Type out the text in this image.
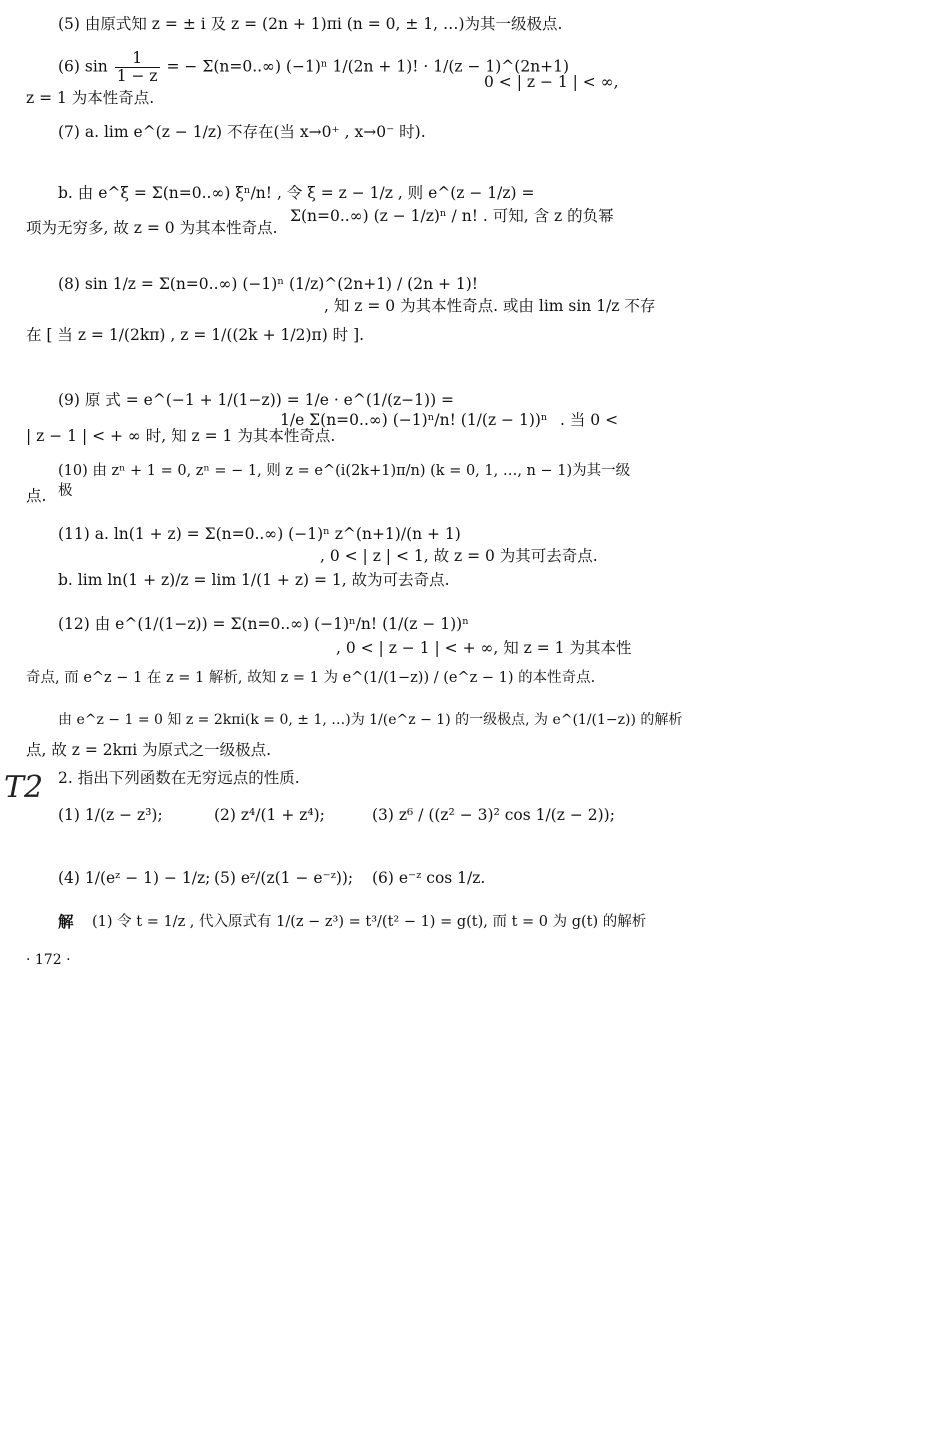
T2
(5) 由原式知 z = ± i 及 z = (2n + 1)πi (n = 0, ± 1, …)为其一级极点.
(6) $\sin \frac{1}{1 - z}$ = − Σ(n=0..∞) (−1)ⁿ 1/(2n + 1)! · 1/(z − 1)^(2n+1)
0 < | z − 1 | < ∞,
z = 1 为本性奇点.
(7) a. lim e^(z − 1/z) 不存在(当 x→0⁺ , x→0⁻ 时).
b. 由 e^ξ = Σ(n=0..∞) ξⁿ/n! , 令 ξ = z − 1/z , 则 e^(z − 1/z) =
Σ(n=0..∞) (z − 1/z)ⁿ / n! . 可知, 含 z 的负幂
项为无穷多, 故 z = 0 为其本性奇点.
(8) sin 1/z = Σ(n=0..∞) (−1)ⁿ (1/z)^(2n+1) / (2n + 1)!
, 知 z = 0 为其本性奇点. 或由 lim sin 1/z 不存
在 [ 当 z = 1/(2kπ) , z = 1/((2k + 1/2)π) 时 ].
(9) 原 式 = e^(−1 + 1/(1−z)) = 1/e · e^(1/(z−1)) =
1/e Σ(n=0..∞) (−1)ⁿ/n! (1/(z − 1))ⁿ . 当 0 <
| z − 1 | < + ∞ 时, 知 z = 1 为其本性奇点.
(10) 由 zⁿ + 1 = 0, zⁿ = − 1, 则 z = e^(i(2k+1)π/n) (k = 0, 1, …, n − 1)为其一级极
点.
(11) a. ln(1 + z) = Σ(n=0..∞) (−1)ⁿ z^(n+1)/(n + 1)
, 0 < | z | < 1, 故 z = 0 为其可去奇点.
b. lim ln(1 + z)/z = lim 1/(1 + z) = 1, 故为可去奇点.
(12) 由 e^(1/(1−z)) = Σ(n=0..∞) (−1)ⁿ/n! (1/(z − 1))ⁿ
, 0 < | z − 1 | < + ∞, 知 z = 1 为其本性
奇点, 而 e^z − 1 在 z = 1 解析, 故知 z = 1 为 e^(1/(1−z)) / (e^z − 1) 的本性奇点.
由 e^z − 1 = 0 知 z = 2kπi(k = 0, ± 1, …)为 1/(e^z − 1) 的一级极点, 为 e^(1/(1−z)) 的解析
点, 故 z = 2kπi 为原式之一级极点.
2. 指出下列函数在无穷远点的性质.
(1) 1/(z − z³);	(2) z⁴/(1 + z⁴);	(3) z⁶ / ((z² − 3)² cos 1/(z − 2));
(4) 1/(eᶻ − 1) − 1/z; (5) eᶻ/(z(1 − e⁻ᶻ));	(6) e⁻ᶻ cos 1/z.
解	(1) 令 t = 1/z , 代入原式有 1/(z − z³) = t³/(t² − 1) = g(t), 而 t = 0 为 g(t) 的解析
· 172 ·
